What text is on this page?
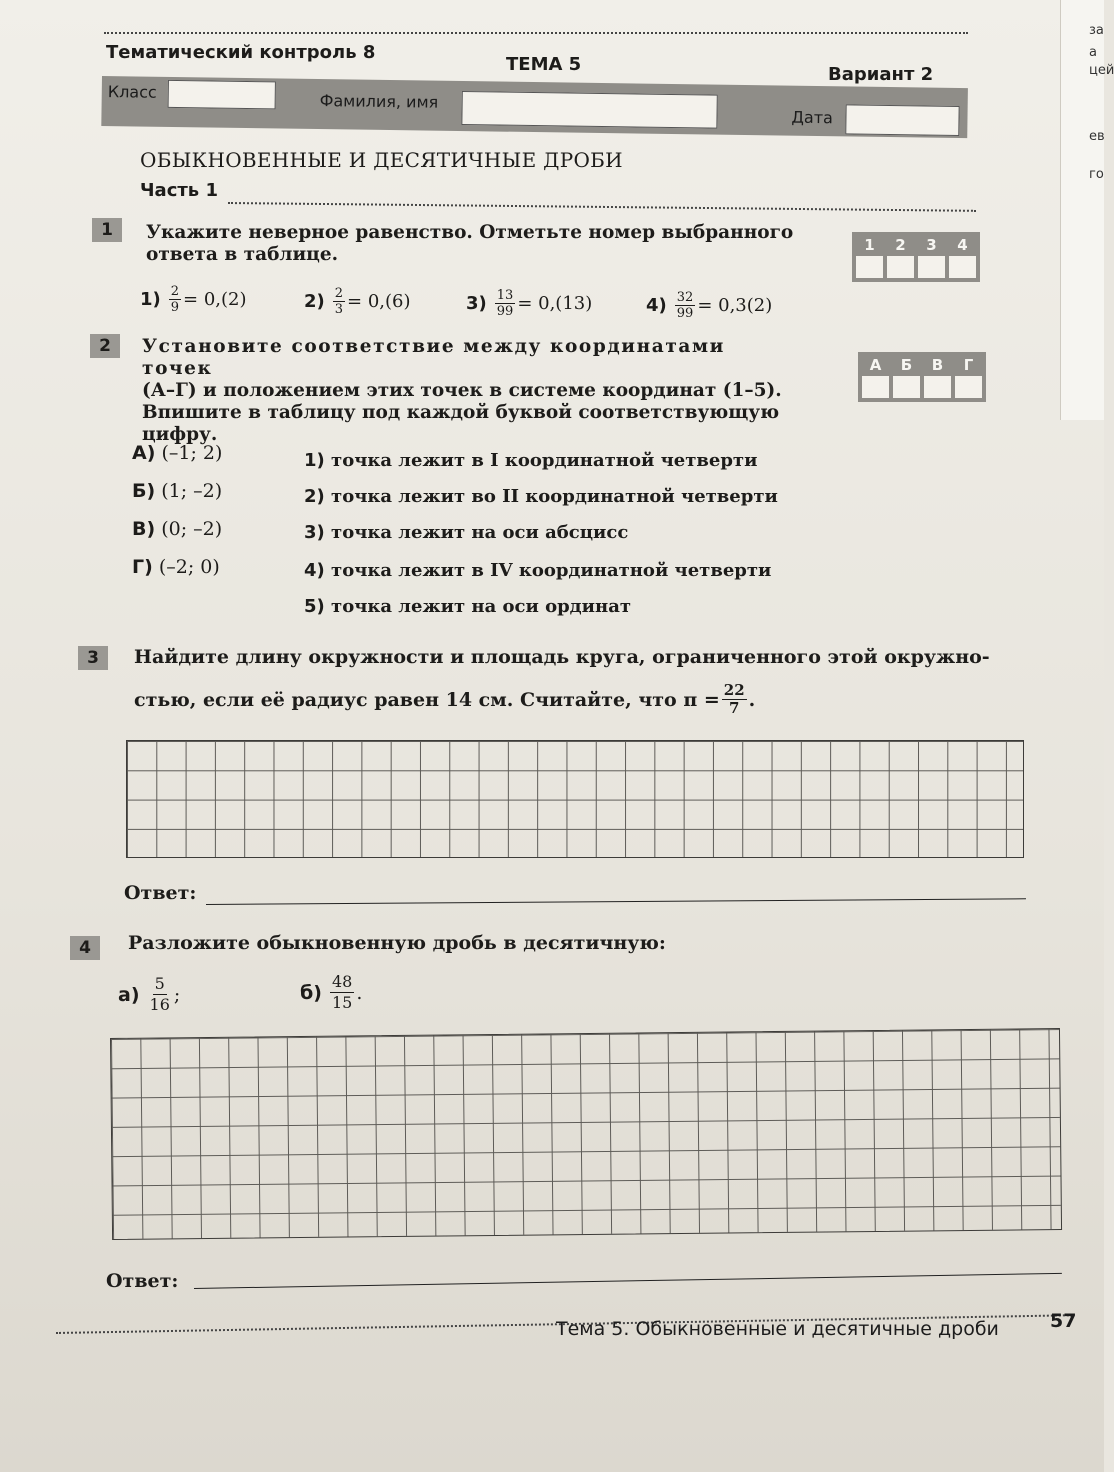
за
а
цей
ев
го
Тематический контроль 8
ТЕМА 5	Вариант 2
Класс	Фамилия, имя
Дата
ОБЫКНОВЕННЫЕ И ДЕСЯТИЧНЫЕ ДРОБИ
Часть 1
1	Укажите неверное равенство. Отметьте номер выбранного
ответа в таблице.	1	2	3	4
$1) \frac{2}{9} = 0,(2)$	$2) \frac{2}{3} = 0,(6)$	$3) \frac{13}{99} = 0,(13)$	$4) \frac{32}{99} = 0,3(2)$
2	Установите соответствие между координатами точек
(А–Г) и положением этих точек в системе координат (1–5).
Впишите в таблицу под каждой буквой соответствующую
цифру.
А	Б	В	Г
А) (–1; 2)
Б) (1; –2)
В) (0; –2)
Г) (–2; 0)
1) точка лежит в I координатной четверти
2) точка лежит во II координатной четверти
3) точка лежит на оси абсцисс
4) точка лежит в IV координатной четверти
5) точка лежит на оси ординат
3	Найдите длину окружности и площадь круга, ограниченного этой окружно-
стью, если её радиус равен 14 см. Считайте, что $\pi = \frac{22}{7}$ .
Ответ:
4	Разложите обыкновенную дробь в десятичную:
$а) \frac{5}{16}$ ;	$б) \frac{48}{15}$ .
Ответ:
Тема 5. Обыкновенные и десятичные дроби	57
